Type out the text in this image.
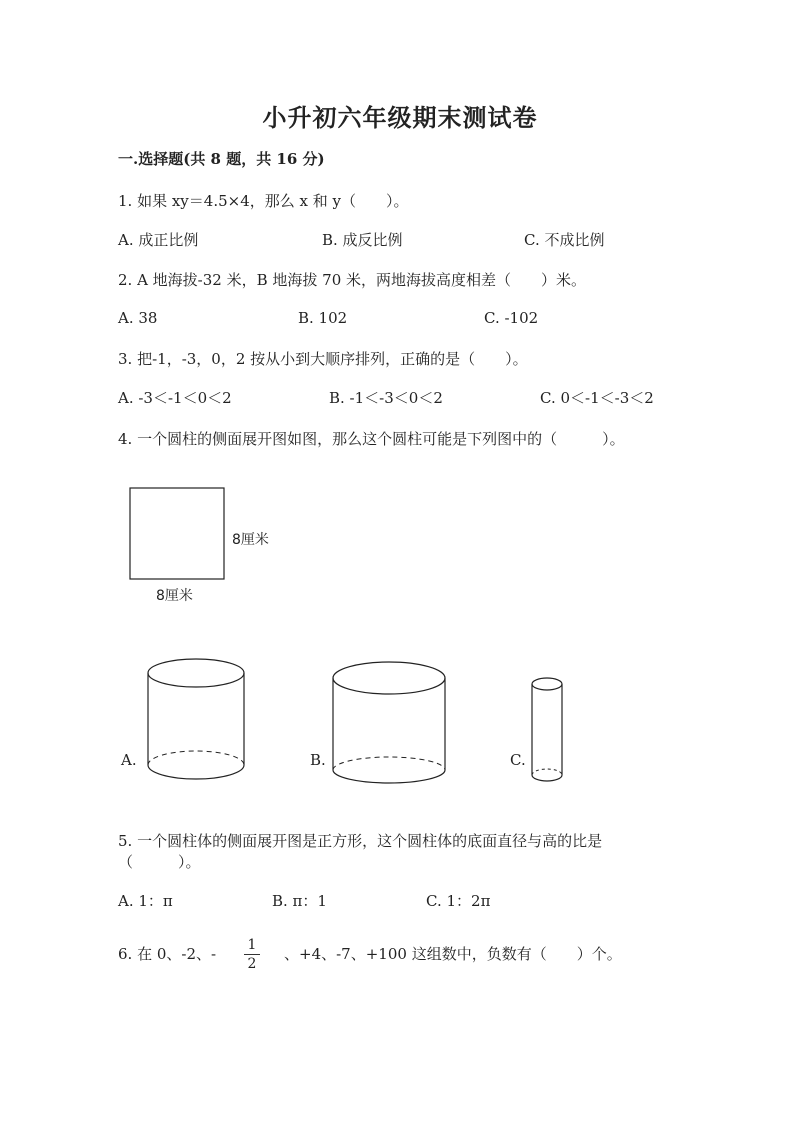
小升初六年级期末测试卷
一.选择题(共 8 题，共 16 分)
1. 如果 xy＝4.5×4，那么 x 和 y（　　）。
A. 成正比例	B. 成反比例	C. 不成比例
2. A 地海拔-32 米，B 地海拔 70 米，两地海拔高度相差（　　）米。
A. 38	B. 102	C. -102
3. 把-1，-3，0，2 按从小到大顺序排列，正确的是（　　）。
A. -3＜-1＜0＜2	B. -1＜-3＜0＜2	C. 0＜-1＜-3＜2
4. 一个圆柱的侧面展开图如图，那么这个圆柱可能是下列图中的（　　　）。
8厘米
8厘米
A.	B.	C.
5. 一个圆柱体的侧面展开图是正方形，这个圆柱体的底面直径与高的比是
（　　　）。
A. 1：π	B. π：1	C. 1：2π
6. 在 0、-2、- 1
2
、+4、-7、+100 这组数中，负数有（　　）个。
